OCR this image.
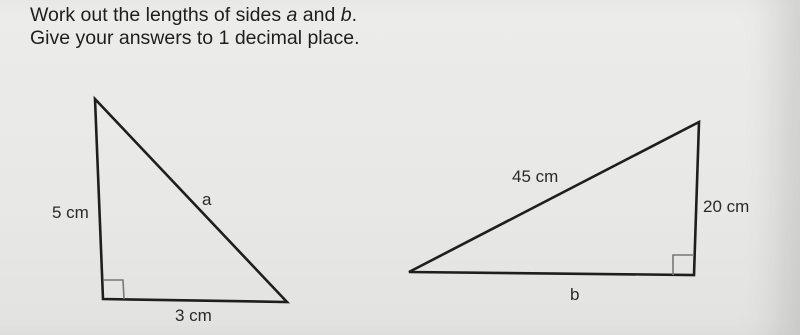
Work out the lengths of sides a and b.
Give your answers to 1 decimal place.
5 cm
3 cm
a
45 cm
20 cm
b
